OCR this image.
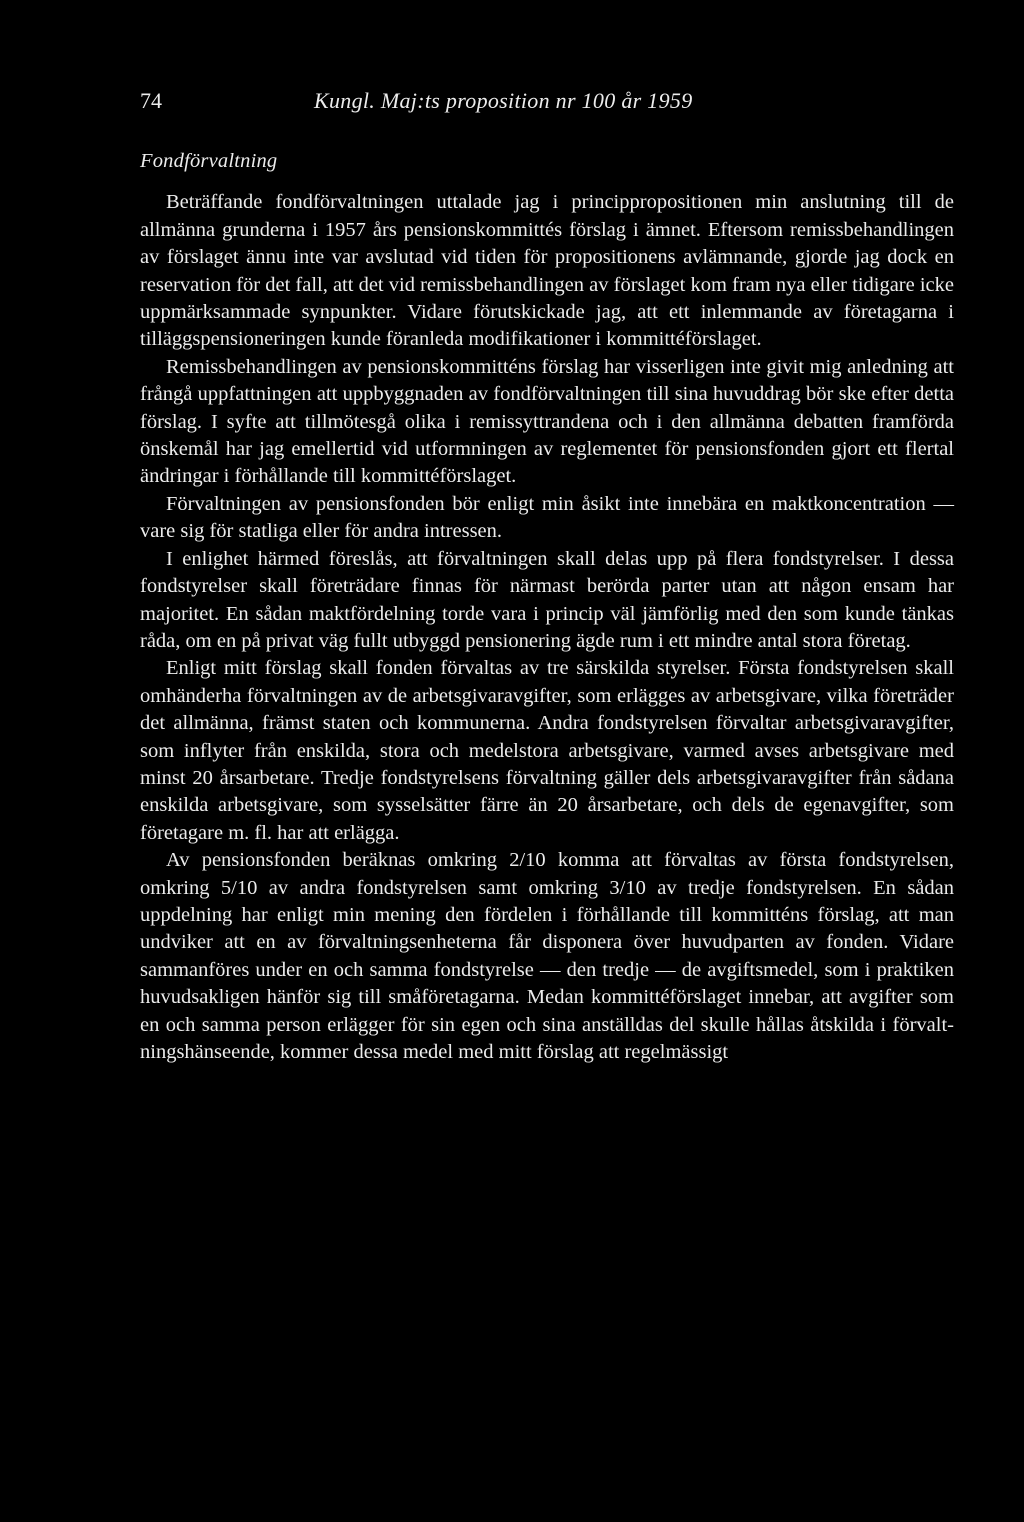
74	Kungl. Maj:ts proposition nr 100 år 1959
Fondförvaltning

Beträffande fondförvaltningen uttalade jag i princippropositionen min anslutning till de allmänna grunderna i 1957 års pensionskommittés förslag i ämnet. Eftersom remissbehandlingen av förslaget ännu inte var avslutad vid tiden för propositionens avlämnande, gjorde jag dock en reservation för det fall, att det vid remissbehandlingen av förslaget kom fram nya eller tidigare icke uppmärksammade synpunkter. Vidare förutskickade jag, att ett inlemmande av företagarna i tilläggspensioneringen kunde föranleda modifikationer i kommittéförslaget.

Remissbehandlingen av pensionskommitténs förslag har visserligen inte givit mig anledning att frångå uppfattningen att uppbyggnaden av fondförvaltningen till sina huvuddrag bör ske efter detta förslag. I syfte att tillmötesgå olika i remissyttrandena och i den allmänna debatten framförda önskemål har jag emellertid vid utformningen av reglementet för pensionsfonden gjort ett flertal ändringar i förhållande till kommittéförslaget.

Förvaltningen av pensionsfonden bör enligt min åsikt inte innebära en maktkoncentration — vare sig för statliga eller för andra intressen.

I enlighet härmed föreslås, att förvaltningen skall delas upp på flera fondstyrelser. I dessa fondstyrelser skall företrädare finnas för närmast berörda parter utan att någon ensam har majoritet. En sådan maktfördelning torde vara i princip väl jämförlig med den som kunde tänkas råda, om en på privat väg fullt utbyggd pensionering ägde rum i ett mindre antal stora företag.

Enligt mitt förslag skall fonden förvaltas av tre särskilda styrelser. Första fondstyrelsen skall omhänderha förvaltningen av de arbetsgivaravgifter, som erlägges av arbetsgivare, vilka företräder det allmänna, främst staten och kommunerna. Andra fondstyrelsen förvaltar arbetsgivaravgifter, som inflyter från enskilda, stora och medelstora arbetsgivare, varmed avses arbetsgivare med minst 20 årsarbetare. Tredje fondstyrelsens förvaltning gäller dels arbetsgivaravgifter från sådana enskilda arbetsgivare, som sysselsätter färre än 20 årsarbetare, och dels de egenavgifter, som företagare m. fl. har att erlägga.

Av pensionsfonden beräknas omkring 2/10 komma att förvaltas av första fondstyrelsen, omkring 5/10 av andra fondstyrelsen samt omkring 3/10 av tredje fondstyrelsen. En sådan uppdelning har enligt min mening den fördelen i förhållande till kommitténs förslag, att man undviker att en av förvaltningsenheterna får disponera över huvudparten av fonden. Vidare sammanföres under en och samma fondstyrelse — den tredje — de avgiftsmedel, som i praktiken huvudsakligen hänför sig till småföretagarna. Medan kommittéförslaget innebar, att avgifter som en och samma person erlägger för sin egen och sina anställdas del skulle hållas åtskilda i förvaltningshänseende, kommer dessa medel med mitt förslag att regelmässigt
